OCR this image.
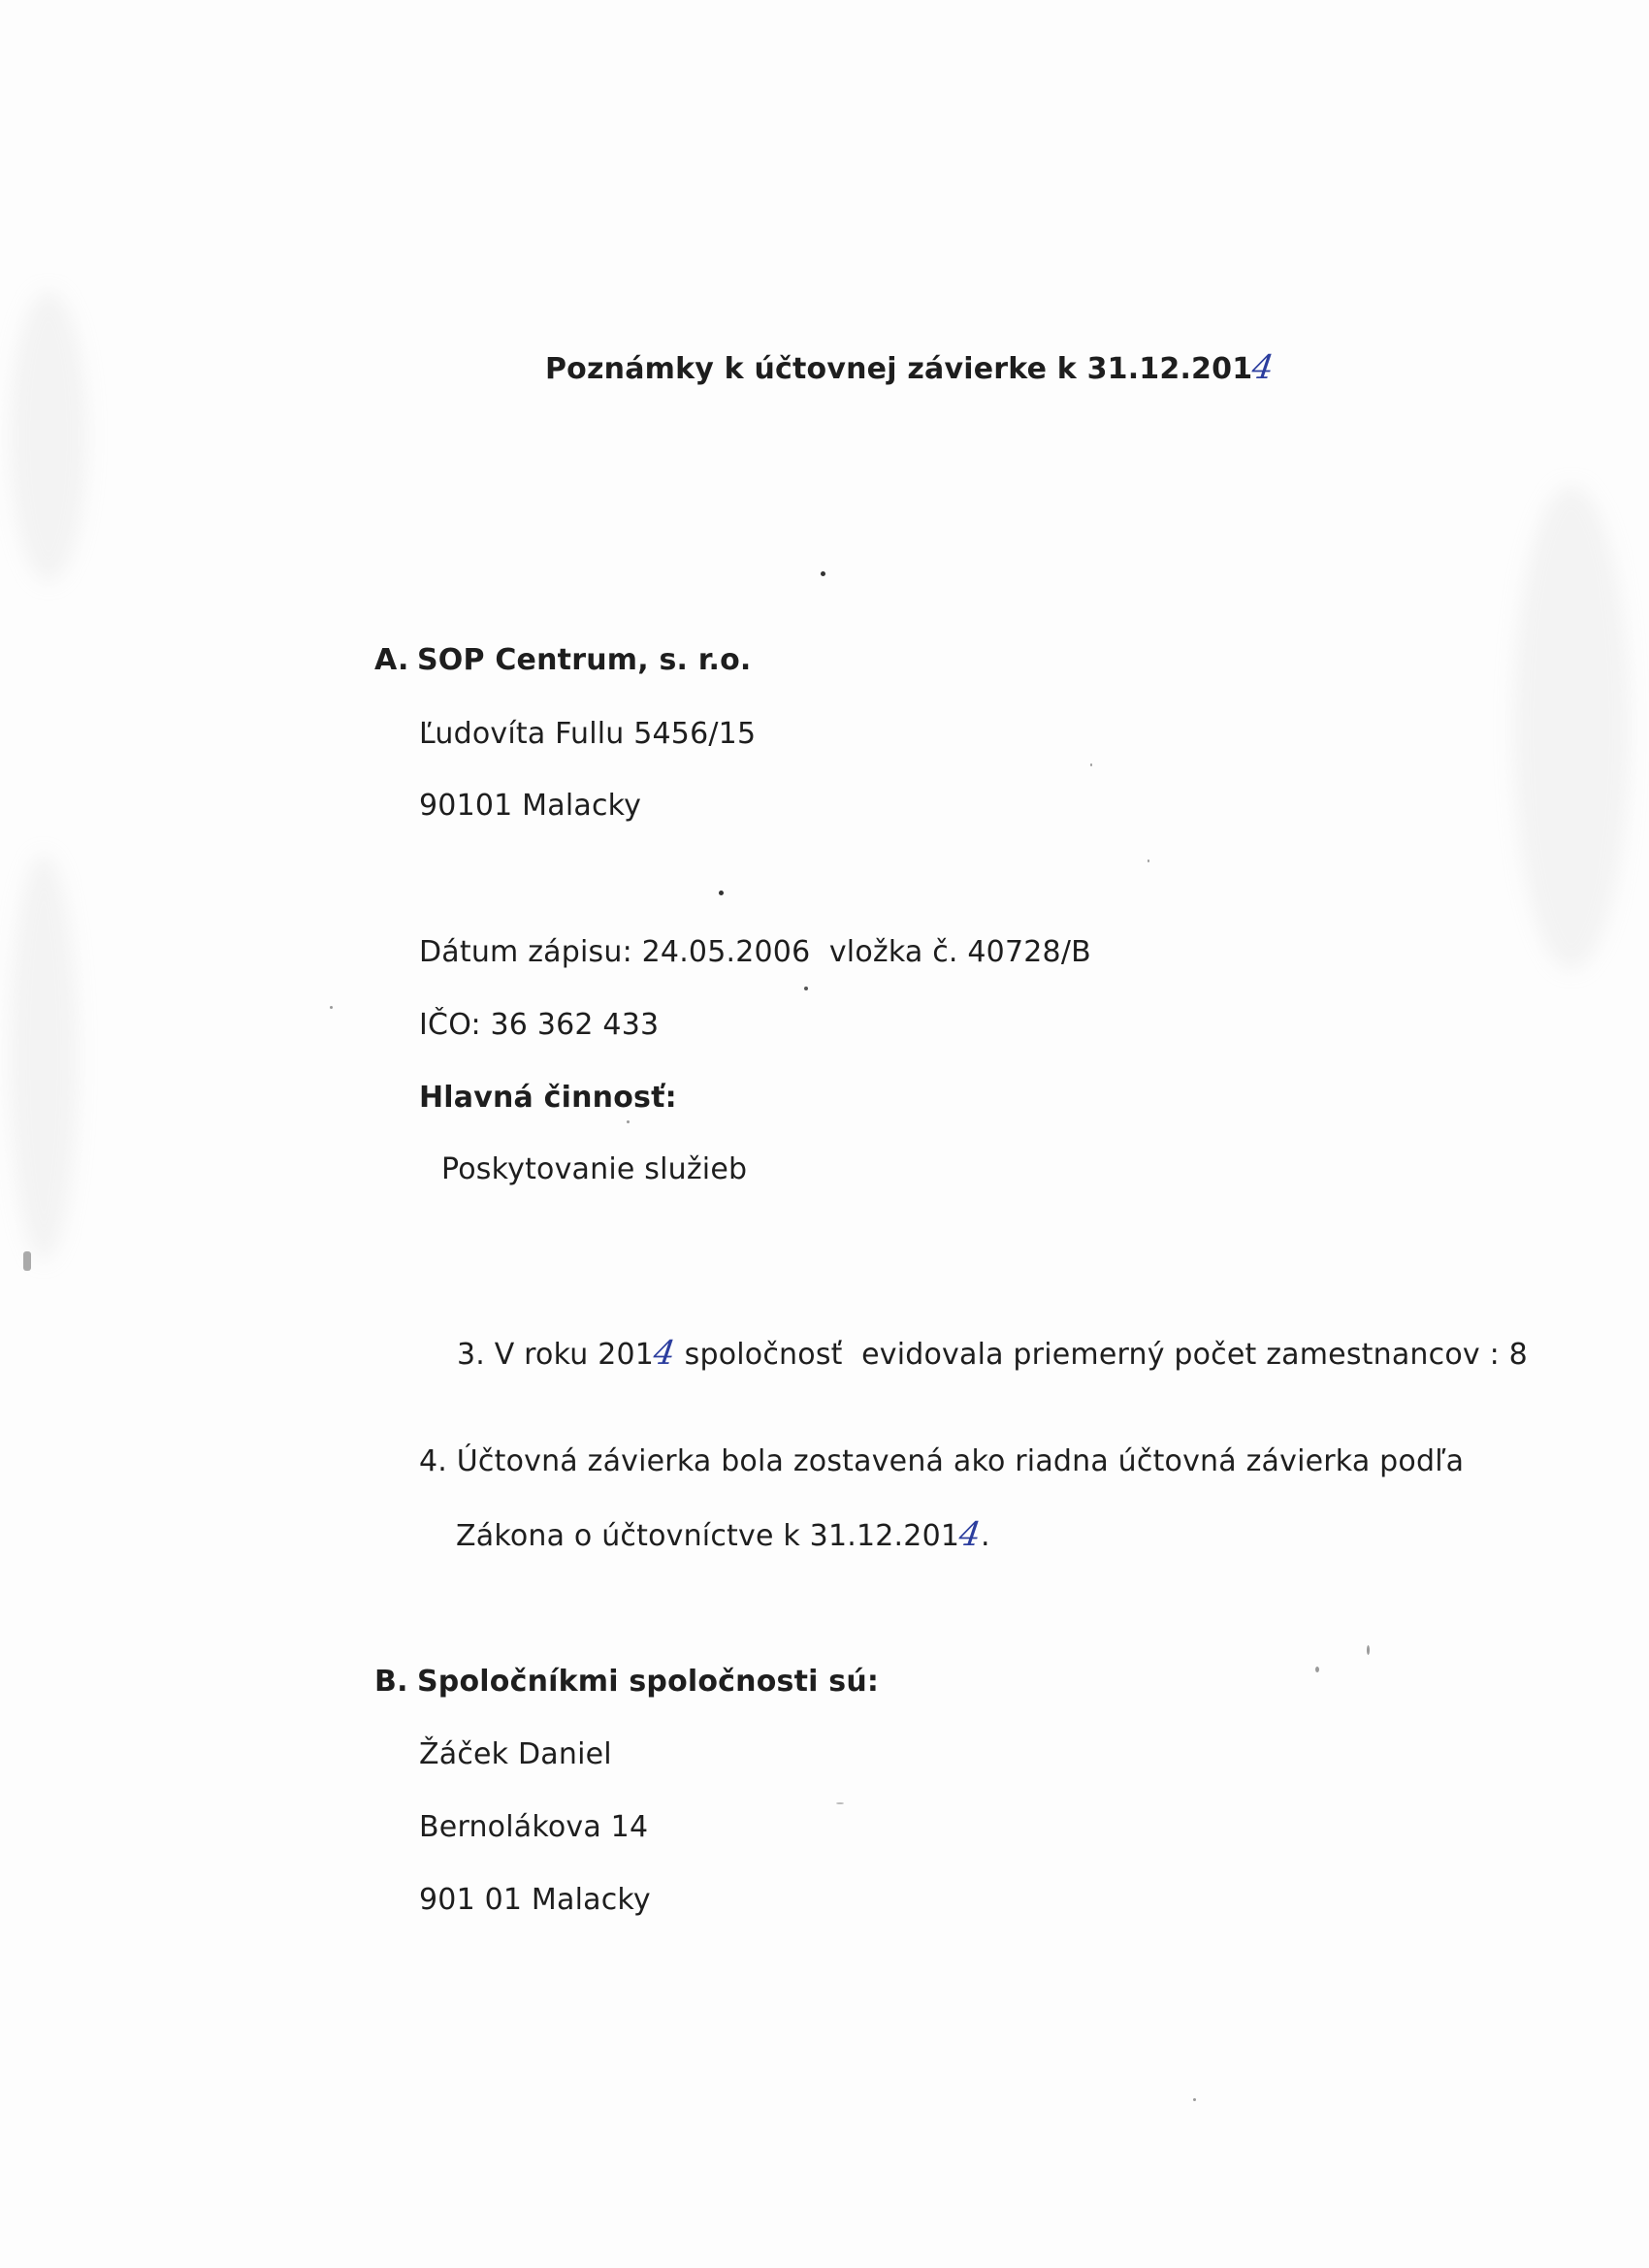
Poznámky k účtovnej závierke k 31.12.2014
A. SOP Centrum, s. r.o.
Ľudovíta Fullu 5456/15
90101 Malacky
Dátum zápisu: 24.05.2006  vložka č. 40728/B
IČO: 36 362 433
Hlavná činnosť:
Poskytovanie služieb

3. V roku 2014 spoločnosť  evidovala priemerný počet zamestnancov : 8

4. Účtovná závierka bola zostavená ako riadna účtovná závierka podľa
Zákona o účtovníctve k 31.12.2014.
B. Spoločníkmi spoločnosti sú:
Žáček Daniel
Bernolákova 14
901 01 Malacky
